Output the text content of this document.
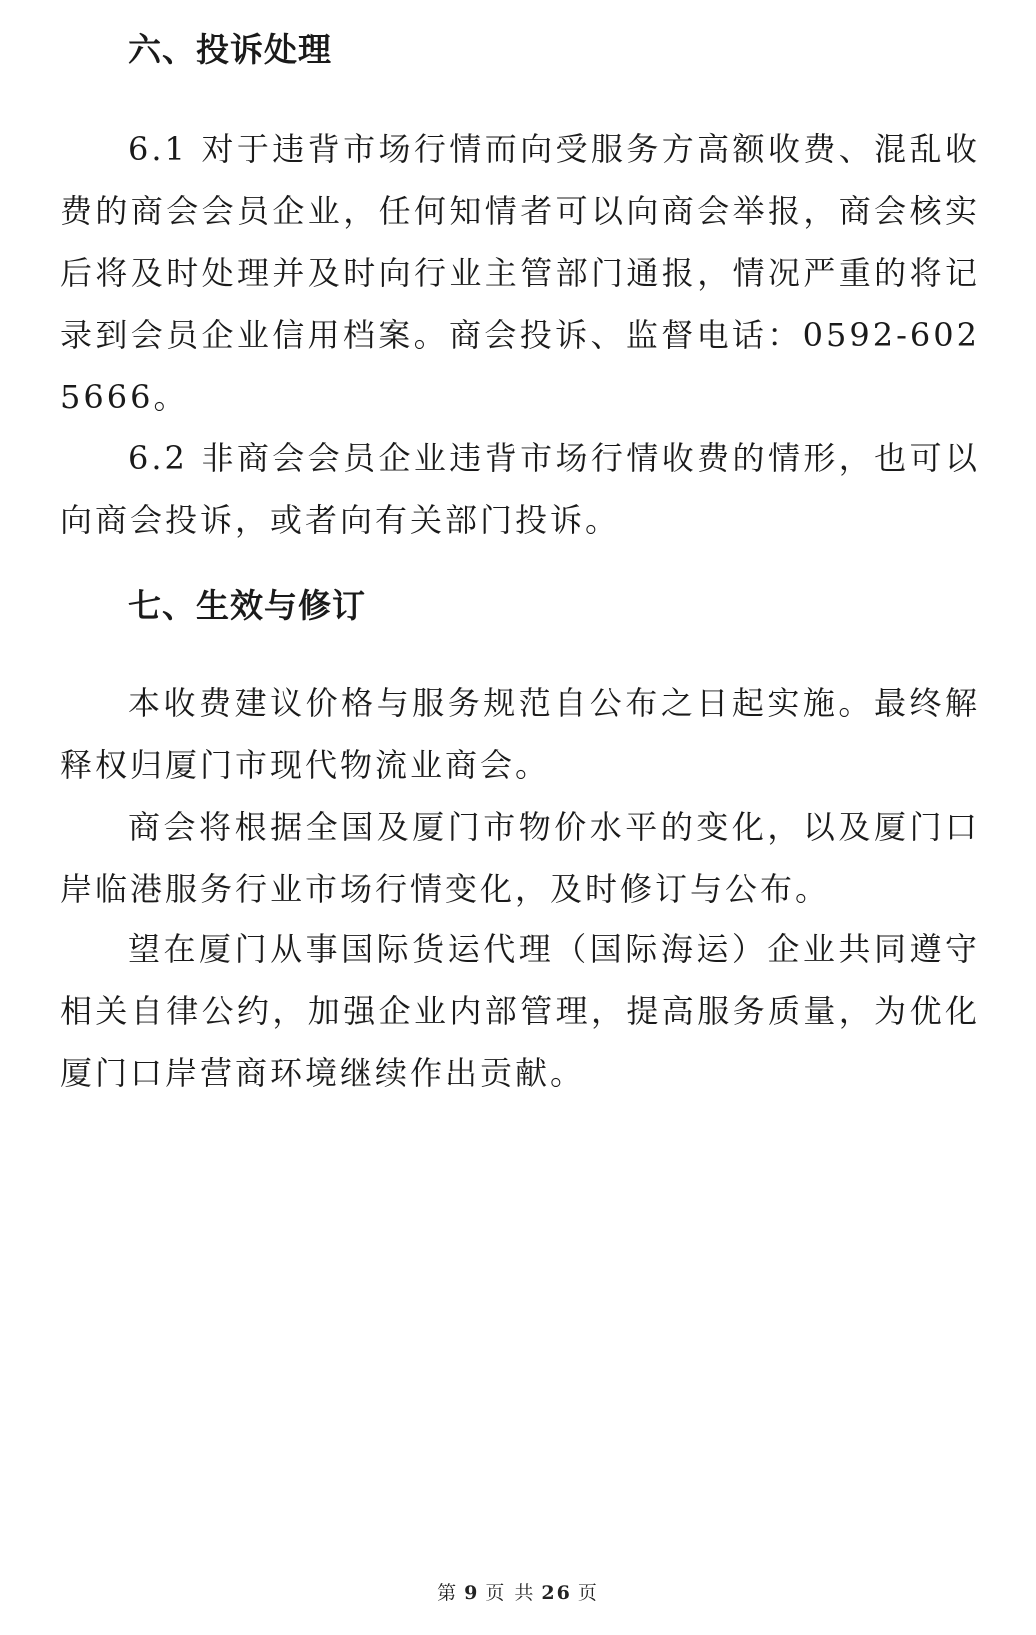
六、投诉处理

6.1 对于违背市场行情而向受服务方高额收费、混乱收费的商会会员企业，任何知情者可以向商会举报，商会核实后将及时处理并及时向行业主管部门通报，情况严重的将记录到会员企业信用档案。商会投诉、监督电话：0592-6025666。

6.2 非商会会员企业违背市场行情收费的情形，也可以向商会投诉，或者向有关部门投诉。

七、生效与修订

本收费建议价格与服务规范自公布之日起实施。最终解释权归厦门市现代物流业商会。

商会将根据全国及厦门市物价水平的变化，以及厦门口岸临港服务行业市场行情变化，及时修订与公布。

望在厦门从事国际货运代理（国际海运）企业共同遵守相关自律公约，加强企业内部管理，提高服务质量，为优化厦门口岸营商环境继续作出贡献。

第 9 页 共 26 页
